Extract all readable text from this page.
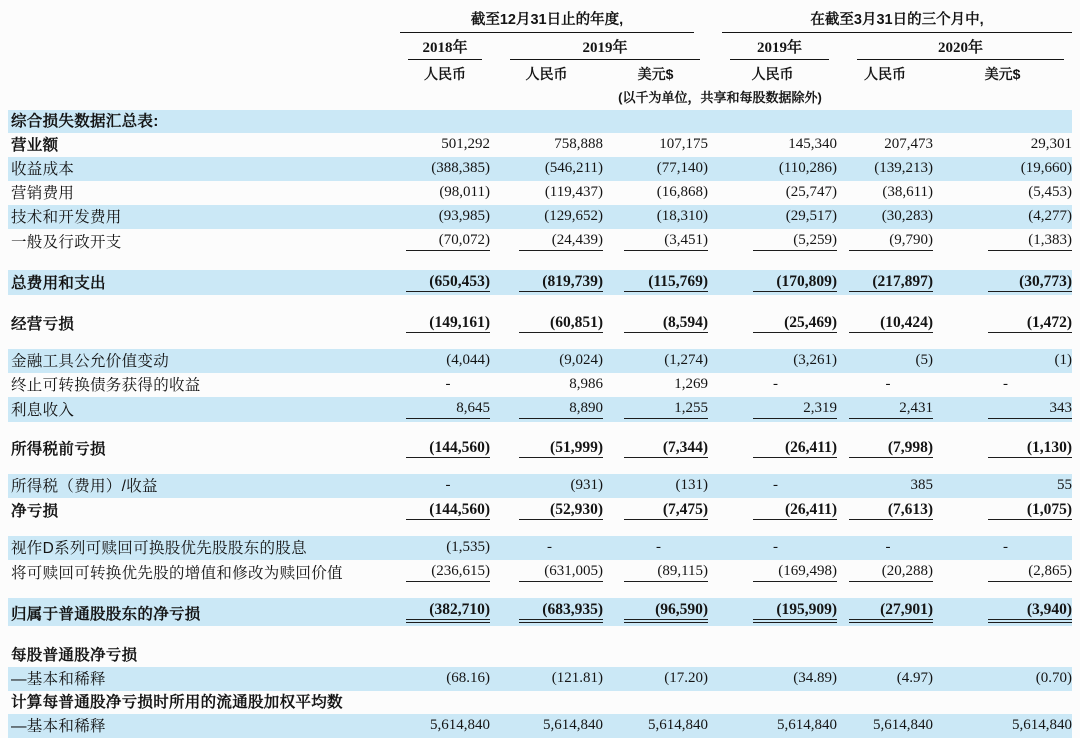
	截至12月31日止的年度,			在截至3月31日的三个月中,		

	2018年	2019年		2019年	2020年	

	人民币	人民币	美元$	人民币	人民币	美元$
			(以千为单位，共享和每股数据除外)			
综合损失数据汇总表:						
营业额	501,292	758,888	107,175	145,340	207,473	29,301
收益成本	(388,385)	(546,211)	(77,140)	(110,286)	(139,213)	(19,660)
营销费用	(98,011)	(119,437)	(16,868)	(25,747)	(38,611)	(5,453)
技术和开发费用	(93,985)	(129,652)	(18,310)	(29,517)	(30,283)	(4,277)
一般及行政开支	(70,072)	(24,439)	(3,451)	(5,259)	(9,790)	(1,383)

总费用和支出	(650,453)	(819,739)	(115,769)	(170,809)	(217,897)	(30,773)

经营亏损	(149,161)	(60,851)	(8,594)	(25,469)	(10,424)	(1,472)

金融工具公允价值变动	(4,044)	(9,024)	(1,274)	(3,261)	(5)	(1)
终止可转换债务获得的收益	-	8,986	1,269	-	-	-
利息收入	8,645	8,890	1,255	2,319	2,431	343

所得税前亏损	(144,560)	(51,999)	(7,344)	(26,411)	(7,998)	(1,130)

所得税（费用）/收益	-	(931)	(131)	-	385	55
净亏损	(144,560)	(52,930)	(7,475)	(26,411)	(7,613)	(1,075)

视作D系列可赎回可换股优先股股东的股息	(1,535)	-	-	-	-	-
将可赎回可转换优先股的增值和修改为赎回价值	(236,615)	(631,005)	(89,115)	(169,498)	(20,288)	(2,865)

归属于普通股股东的净亏损	(382,710)	(683,935)	(96,590)	(195,909)	(27,901)	(3,940)

每股普通股净亏损						
—基本和稀释	(68.16)	(121.81)	(17.20)	(34.89)	(4.97)	(0.70)
计算每普通股净亏损时所用的流通股加权平均数						
—基本和稀释	5,614,840	5,614,840	5,614,840	5,614,840	5,614,840	5,614,840
